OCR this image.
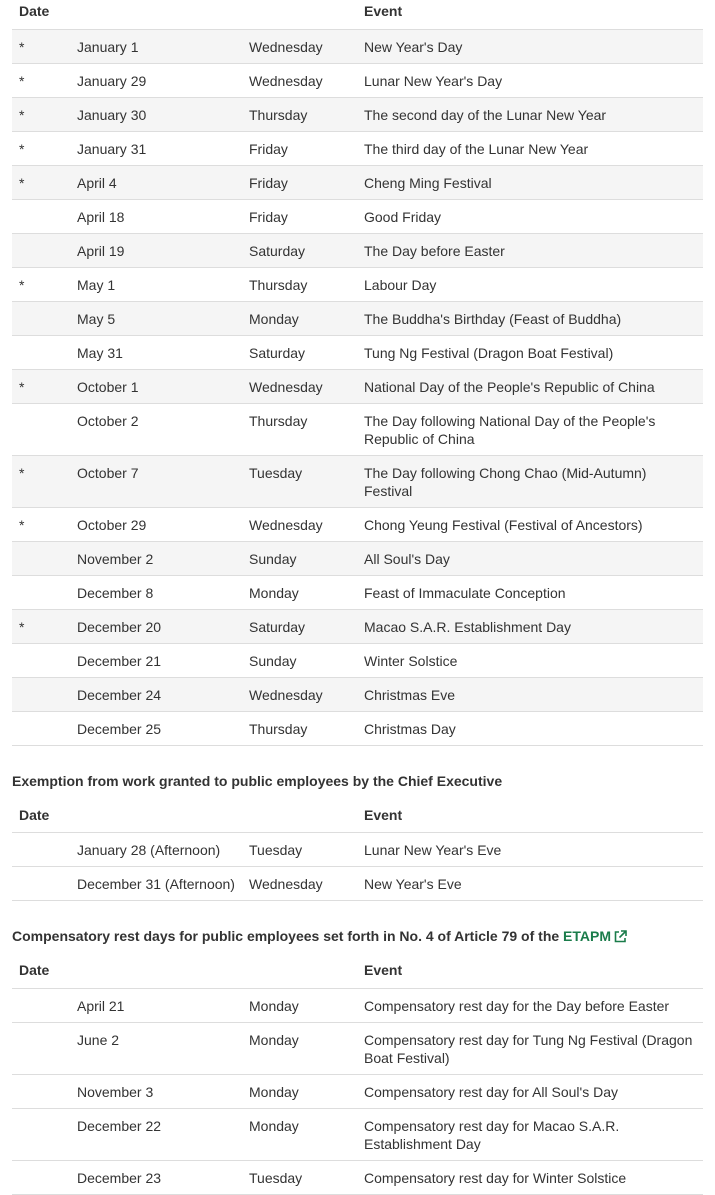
Date			Event
*	January 1	Wednesday	New Year's Day
*	January 29	Wednesday	Lunar New Year's Day
*	January 30	Thursday	The second day of the Lunar New Year
*	January 31	Friday	The third day of the Lunar New Year
*	April 4	Friday	Cheng Ming Festival
	April 18	Friday	Good Friday
	April 19	Saturday	The Day before Easter
*	May 1	Thursday	Labour Day
	May 5	Monday	The Buddha's Birthday (Feast of Buddha)
	May 31	Saturday	Tung Ng Festival (Dragon Boat Festival)
*	October 1	Wednesday	National Day of the People's Republic of China
	October 2	Thursday	The Day following National Day of the People's Republic of China
*	October 7	Tuesday	The Day following Chong Chao (Mid-Autumn) Festival
*	October 29	Wednesday	Chong Yeung Festival (Festival of Ancestors)
	November 2	Sunday	All Soul's Day
	December 8	Monday	Feast of Immaculate Conception
*	December 20	Saturday	Macao S.A.R. Establishment Day
	December 21	Sunday	Winter Solstice
	December 24	Wednesday	Christmas Eve
	December 25	Thursday	Christmas Day
Exemption from work granted to public employees by the Chief Executive
Date			Event
	January 28 (Afternoon)	Tuesday	Lunar New Year's Eve
	December 31 (Afternoon)	Wednesday	New Year's Eve
Compensatory rest days for public employees set forth in No. 4 of Article 79 of the ETAPM
Date			Event
	April 21	Monday	Compensatory rest day for the Day before Easter
	June 2	Monday	Compensatory rest day for Tung Ng Festival (Dragon Boat Festival)
	November 3	Monday	Compensatory rest day for All Soul's Day
	December 22	Monday	Compensatory rest day for Macao S.A.R. Establishment Day
	December 23	Tuesday	Compensatory rest day for Winter Solstice
